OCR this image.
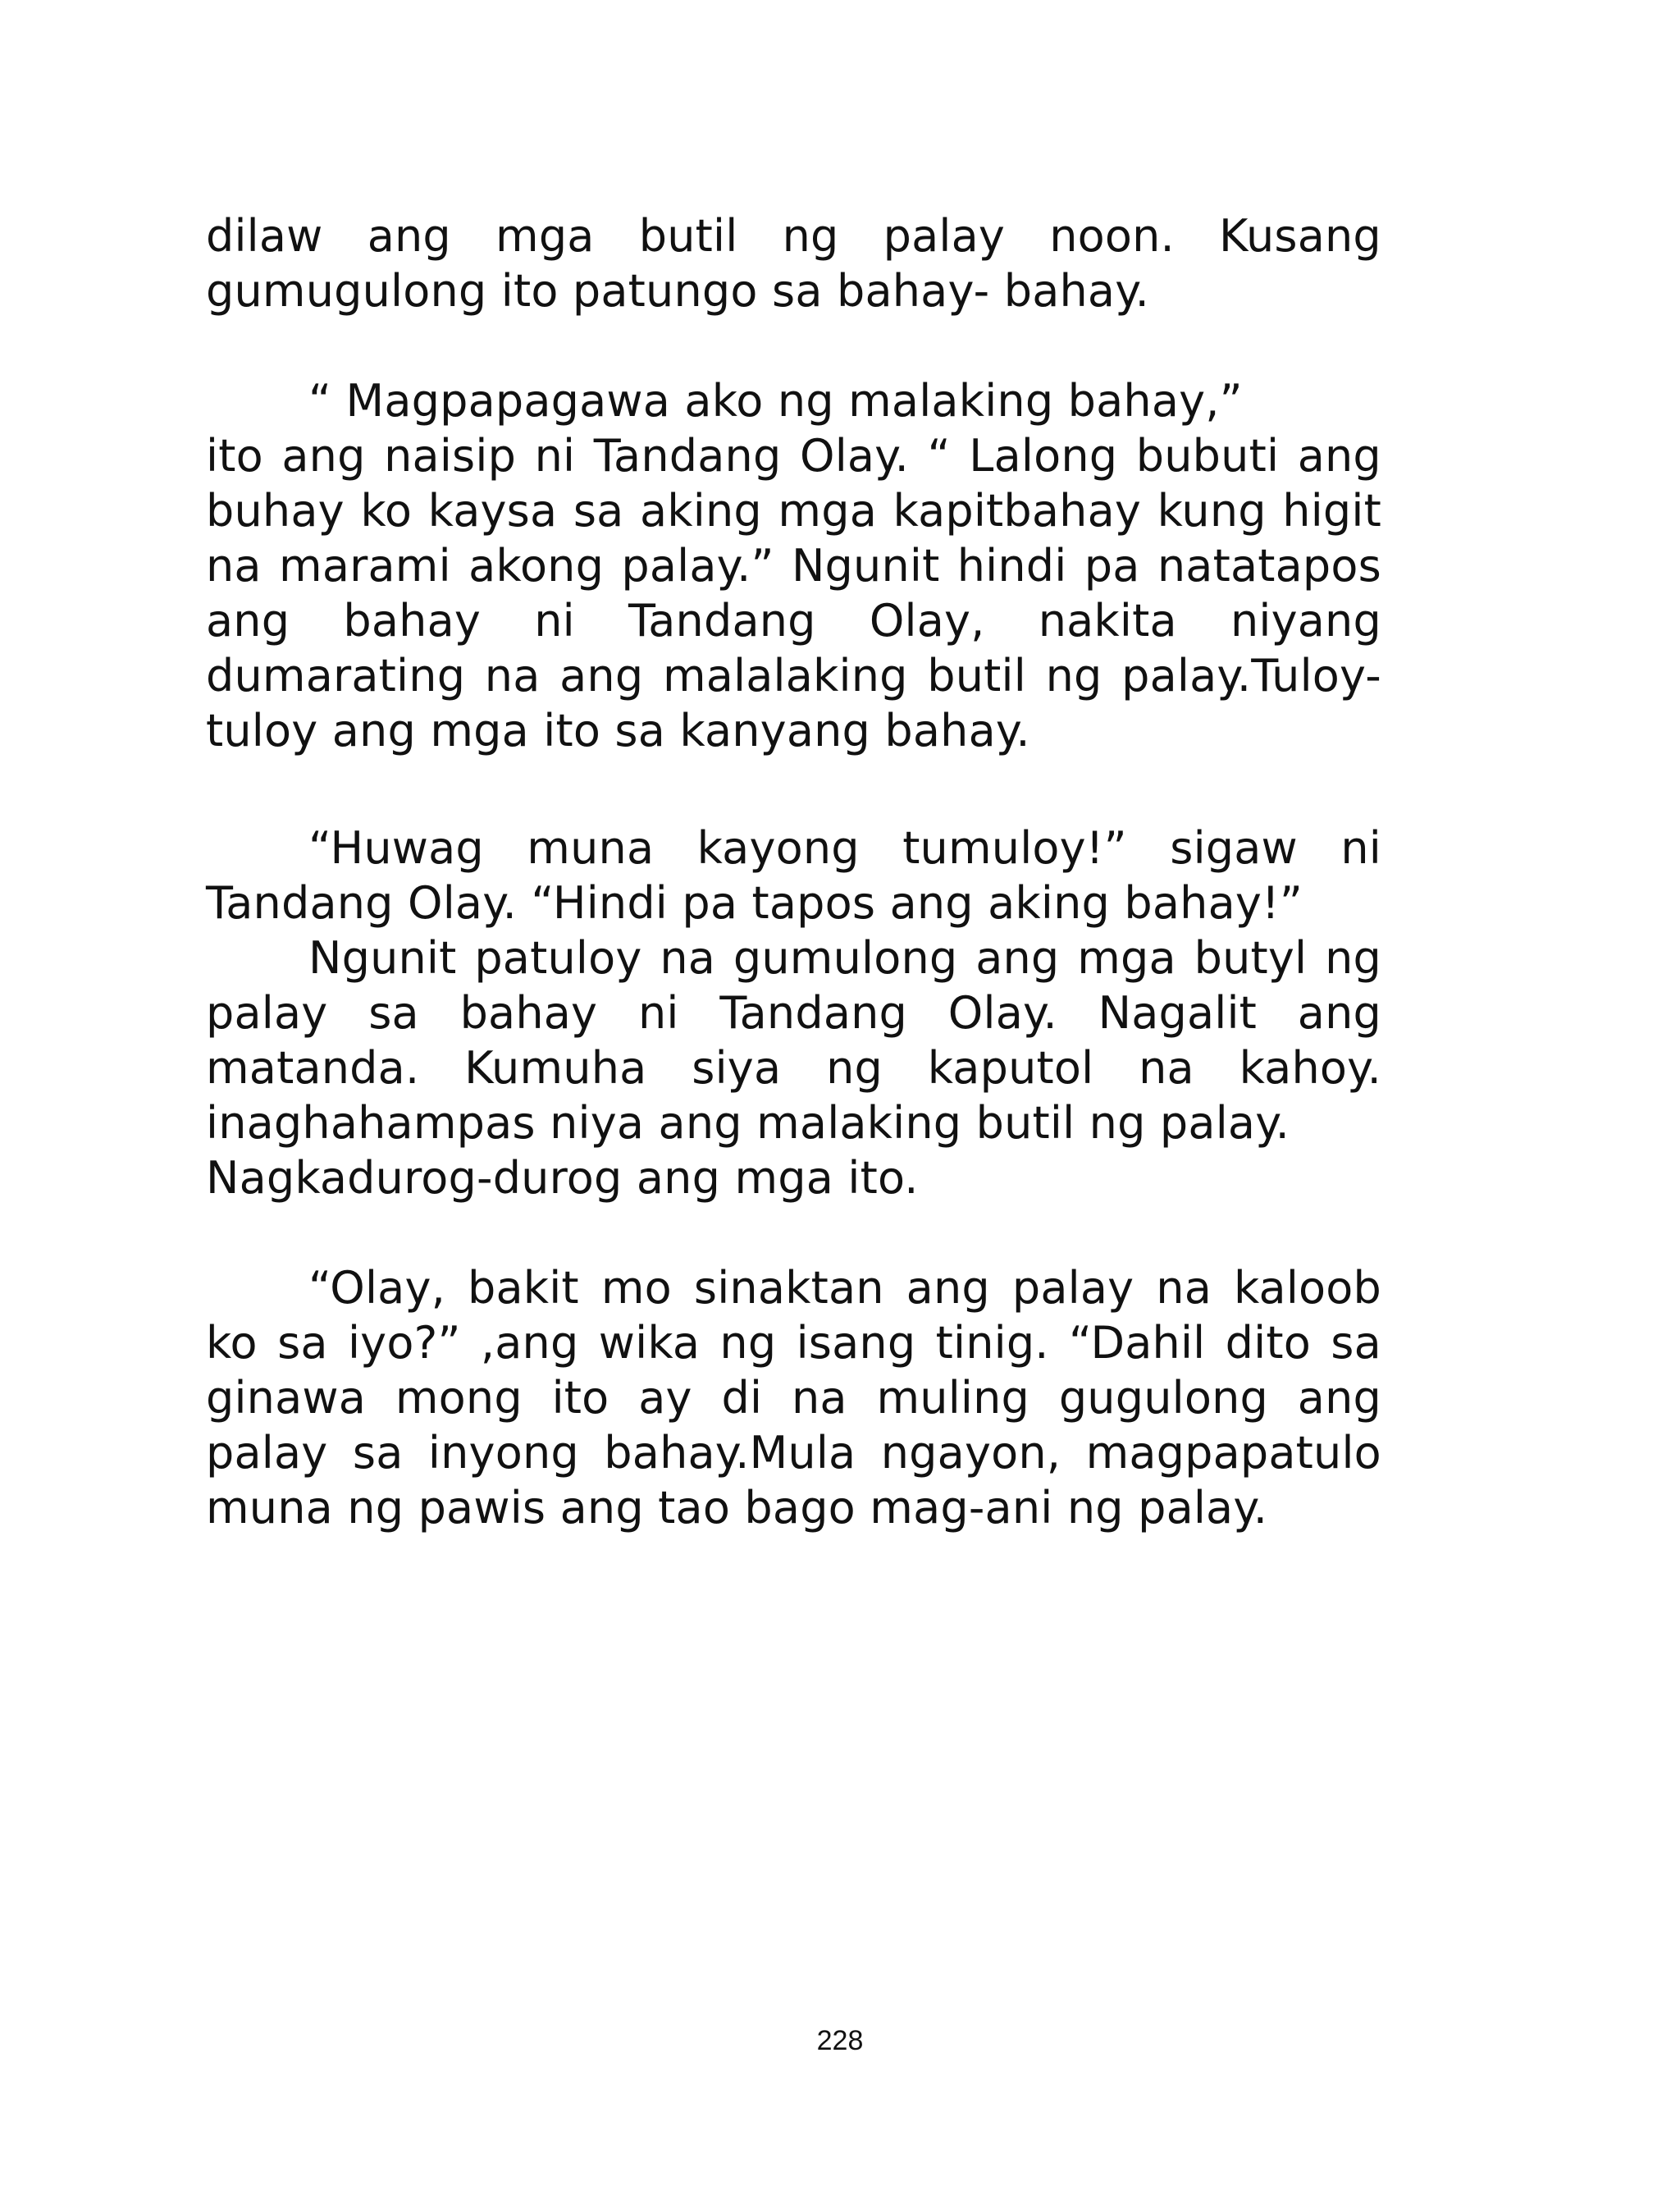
dilaw ang mga butil ng palay noon. Kusang
gumugulong ito patungo sa bahay- bahay.
“ Magpapagawa ako ng malaking bahay,”
ito ang naisip ni Tandang Olay. “ Lalong bubuti ang
buhay ko kaysa sa aking mga kapitbahay kung higit
na marami akong palay.” Ngunit hindi pa natatapos
ang bahay ni Tandang Olay, nakita niyang
dumarating na ang malalaking butil ng palay.Tuloy-
tuloy ang mga ito sa kanyang bahay.
“Huwag muna kayong tumuloy!” sigaw ni
Tandang Olay. “Hindi pa tapos ang aking bahay!”
Ngunit patuloy na gumulong ang mga butyl ng
palay sa bahay ni Tandang Olay. Nagalit ang
matanda. Kumuha siya ng kaputol na kahoy.
inaghahampas niya ang malaking butil ng palay.
Nagkadurog-durog ang mga ito.
“Olay, bakit mo sinaktan ang palay na kaloob
ko sa iyo?” ,ang wika ng isang tinig. “Dahil dito sa
ginawa mong ito ay di na muling gugulong ang
palay sa inyong bahay.Mula ngayon, magpapatulo
muna ng pawis ang tao bago mag-ani ng palay.
228
